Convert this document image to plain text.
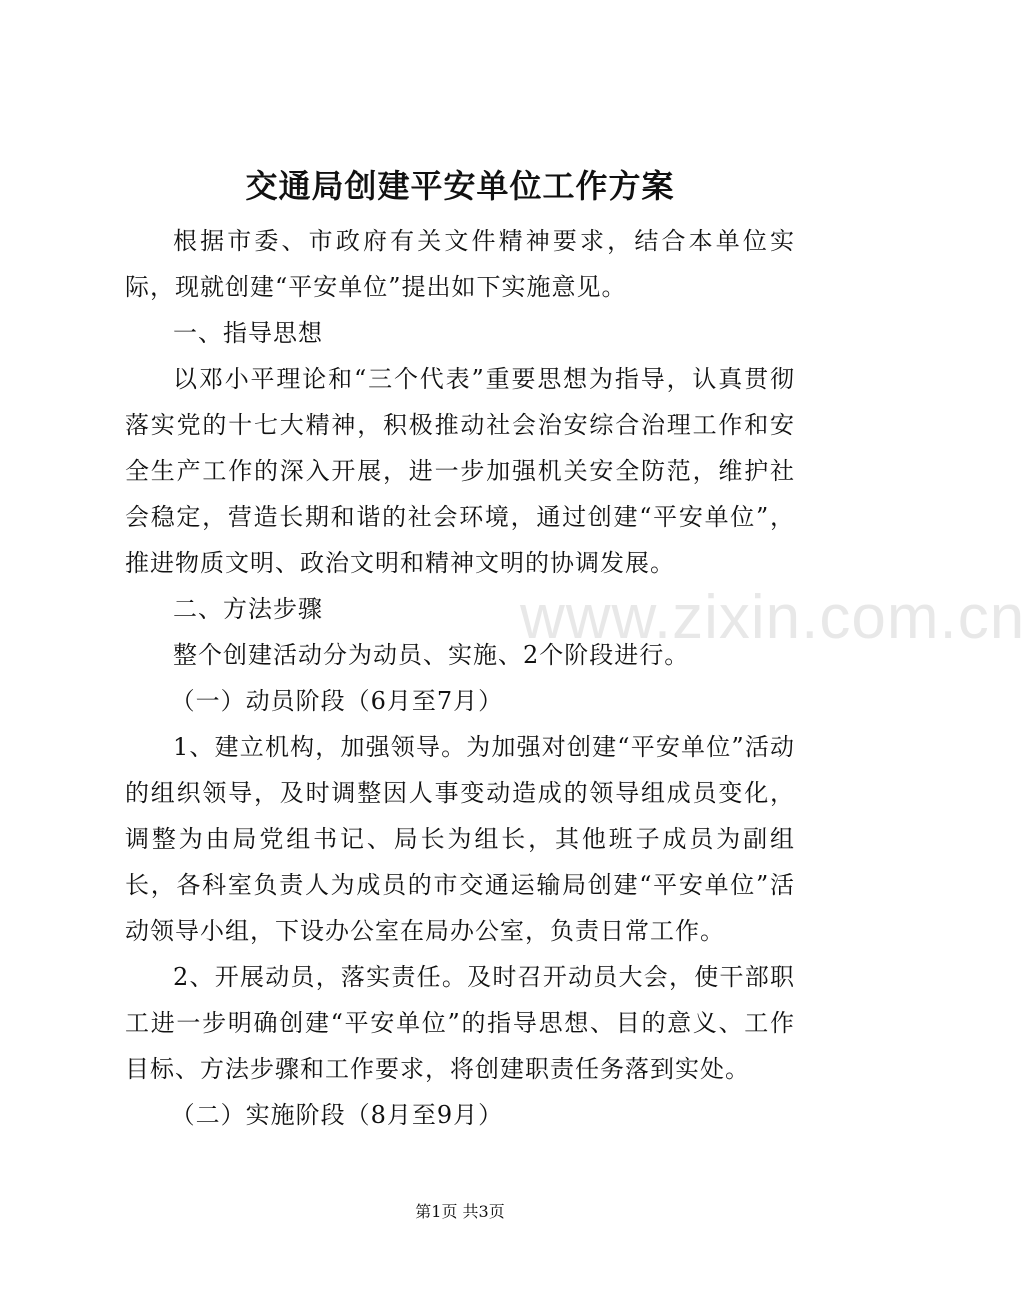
交通局创建平安单位工作方案

根据市委、市政府有关文件精神要求，结合本单位实际，现就创建“平安单位”提出如下实施意见。

一、指导思想

以邓小平理论和“三个代表”重要思想为指导，认真贯彻落实党的十七大精神，积极推动社会治安综合治理工作和安全生产工作的深入开展，进一步加强机关安全防范，维护社会稳定，营造长期和谐的社会环境，通过创建“平安单位”，推进物质文明、政治文明和精神文明的协调发展。

二、方法步骤

整个创建活动分为动员、实施、2个阶段进行。

（一）动员阶段（6月至7月）

1、建立机构，加强领导。为加强对创建“平安单位”活动的组织领导，及时调整因人事变动造成的领导组成员变化，调整为由局党组书记、局长为组长，其他班子成员为副组长，各科室负责人为成员的市交通运输局创建“平安单位”活动领导小组，下设办公室在局办公室，负责日常工作。

2、开展动员，落实责任。及时召开动员大会，使干部职工进一步明确创建“平安单位”的指导思想、目的意义、工作目标、方法步骤和工作要求，将创建职责任务落到实处。

（二）实施阶段（8月至9月）

www.zixin.com.cn
第1页 共3页
